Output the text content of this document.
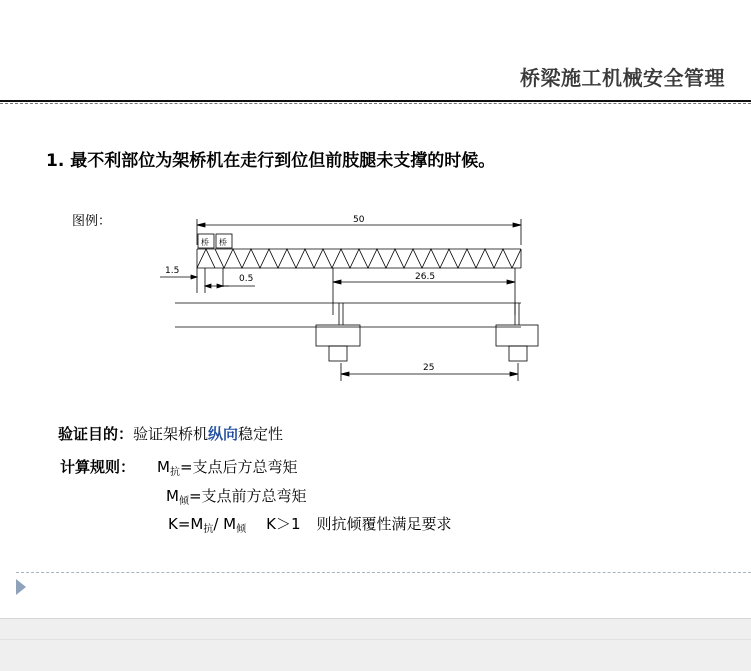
桥梁施工机械安全管理
1. 最不利部位为架桥机在走行到位但前肢腿未支撑的时候。
图例：	50
1.5
0.5	26.5
25
桥 桥
验证目的：验证架桥机纵向稳定性
计算规则： $M_抗=$支点后方总弯矩
$M_倾=$支点前方总弯矩
$K=M_抗/$ $M_倾$ K＞1 则抗倾覆性满足要求
